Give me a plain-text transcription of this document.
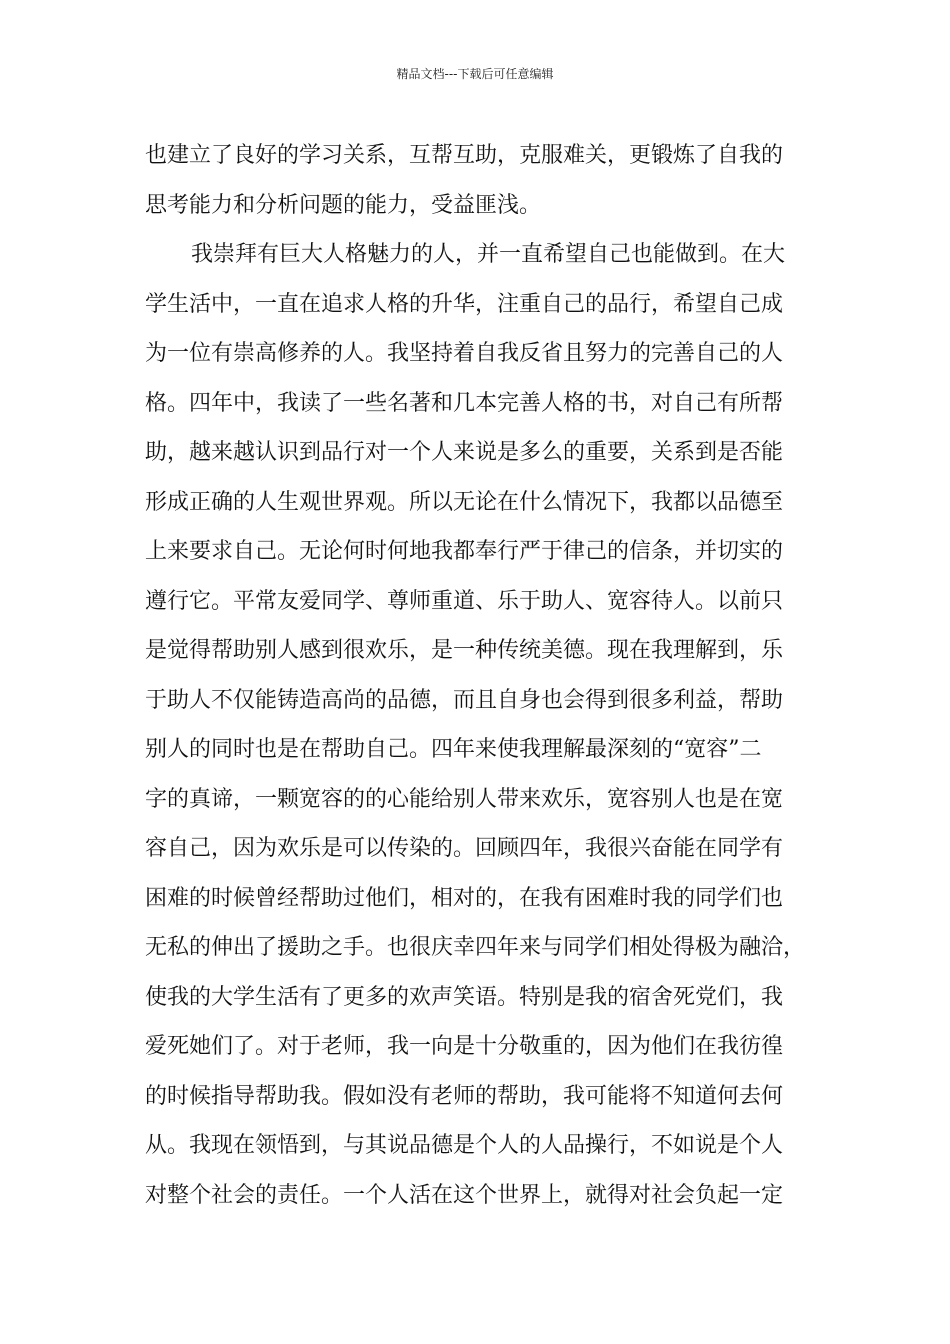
精品文档---下载后可任意编辑
也建立了良好的学习关系，互帮互助，克服难关，更锻炼了自我的
思考能力和分析问题的能力，受益匪浅。
我崇拜有巨大人格魅力的人，并一直希望自己也能做到。在大
学生活中，一直在追求人格的升华，注重自己的品行，希望自己成
为一位有崇高修养的人。我坚持着自我反省且努力的完善自己的人
格。四年中，我读了一些名著和几本完善人格的书，对自己有所帮
助，越来越认识到品行对一个人来说是多么的重要，关系到是否能
形成正确的人生观世界观。所以无论在什么情况下，我都以品德至
上来要求自己。无论何时何地我都奉行严于律己的信条，并切实的
遵行它。平常友爱同学、尊师重道、乐于助人、宽容待人。以前只
是觉得帮助别人感到很欢乐，是一种传统美德。现在我理解到，乐
于助人不仅能铸造高尚的品德，而且自身也会得到很多利益，帮助
别人的同时也是在帮助自己。四年来使我理解最深刻的“宽容”二
字的真谛，一颗宽容的的心能给别人带来欢乐，宽容别人也是在宽
容自己，因为欢乐是可以传染的。回顾四年，我很兴奋能在同学有
困难的时候曾经帮助过他们，相对的，在我有困难时我的同学们也
无私的伸出了援助之手。也很庆幸四年来与同学们相处得极为融洽，
使我的大学生活有了更多的欢声笑语。特别是我的宿舍死党们，我
爱死她们了。对于老师，我一向是十分敬重的，因为他们在我彷徨
的时候指导帮助我。假如没有老师的帮助，我可能将不知道何去何
从。我现在领悟到，与其说品德是个人的人品操行，不如说是个人
对整个社会的责任。一个人活在这个世界上，就得对社会负起一定
